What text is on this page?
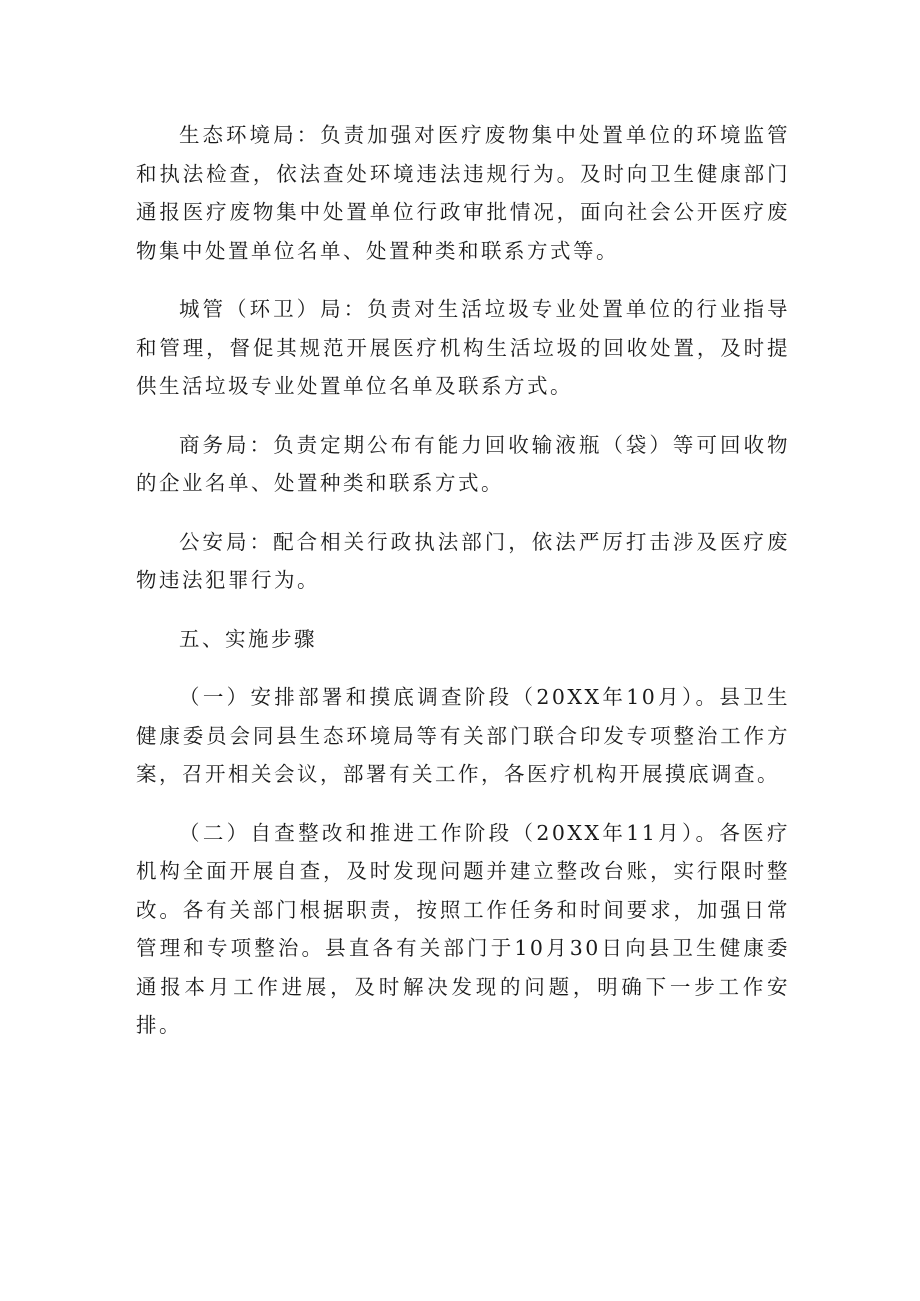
生态环境局：负责加强对医疗废物集中处置单位的环境监管和执法检查，依法查处环境违法违规行为。及时向卫生健康部门通报医疗废物集中处置单位行政审批情况，面向社会公开医疗废物集中处置单位名单、处置种类和联系方式等。

城管（环卫）局：负责对生活垃圾专业处置单位的行业指导和管理，督促其规范开展医疗机构生活垃圾的回收处置，及时提供生活垃圾专业处置单位名单及联系方式。

商务局：负责定期公布有能力回收输液瓶（袋）等可回收物的企业名单、处置种类和联系方式。

公安局：配合相关行政执法部门，依法严厉打击涉及医疗废物违法犯罪行为。

五、实施步骤

（一）安排部署和摸底调查阶段（20XX年10月）。县卫生健康委员会同县生态环境局等有关部门联合印发专项整治工作方案，召开相关会议，部署有关工作，各医疗机构开展摸底调查。

（二）自查整改和推进工作阶段（20XX年11月）。各医疗机构全面开展自查，及时发现问题并建立整改台账，实行限时整改。各有关部门根据职责，按照工作任务和时间要求，加强日常管理和专项整治。县直各有关部门于10月30日向县卫生健康委通报本月工作进展，及时解决发现的问题，明确下一步工作安排。
